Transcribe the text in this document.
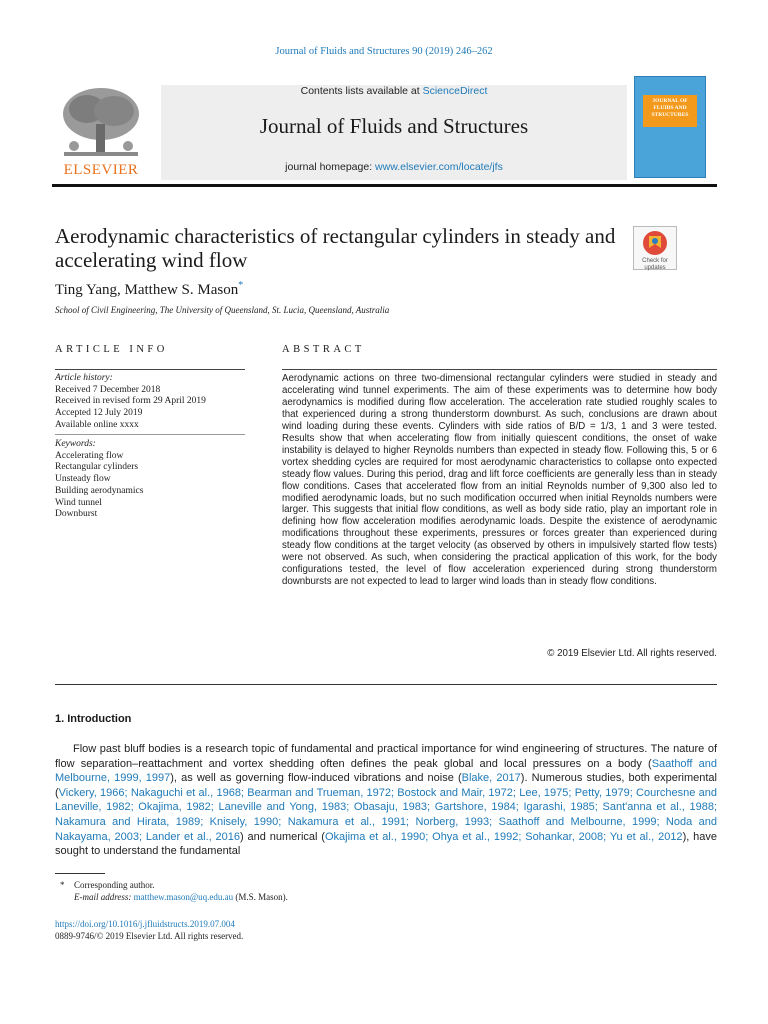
Journal of Fluids and Structures 90 (2019) 246–262
Contents lists available at ScienceDirect
Journal of Fluids and Structures
journal homepage: www.elsevier.com/locate/jfs
ELSEVIER
JOURNAL OF FLUIDS AND STRUCTURES
Aerodynamic characteristics of rectangular cylinders in steady and accelerating wind flow	Check for updates
Ting Yang, Matthew S. Mason*
School of Civil Engineering, The University of Queensland, St. Lucia, Queensland, Australia
ARTICLE INFO	ABSTRACT
Article history:
Received 7 December 2018
Received in revised form 29 April 2019
Accepted 12 July 2019
Available online xxxx
Keywords:
Accelerating flow
Rectangular cylinders
Unsteady flow
Building aerodynamics
Wind tunnel
Downburst
Aerodynamic actions on three two-dimensional rectangular cylinders were studied in steady and accelerating wind tunnel experiments. The aim of these experiments was to determine how body aerodynamics is modified during flow acceleration. The acceleration rate studied roughly scales to that experienced during a strong thunderstorm downburst. As such, conclusions are drawn about wind loading during these events. Cylinders with side ratios of B/D = 1/3, 1 and 3 were tested. Results show that when accelerating flow from initially quiescent conditions, the onset of wake instability is delayed to higher Reynolds numbers than expected in steady flow. Following this, 5 or 6 vortex shedding cycles are required for most aerodynamic characteristics to collapse onto expected steady flow values. During this period, drag and lift force coefficients are generally less than in steady flow conditions. Cases that accelerated flow from an initial Reynolds number of 9,300 also led to modified aerodynamic loads, but no such modification occurred when initial Reynolds numbers were larger. This suggests that initial flow conditions, as well as body side ratio, play an important role in defining how flow acceleration modifies aerodynamic loads. Despite the existence of aerodynamic modifications throughout these experiments, pressures or forces greater than experienced during steady flow conditions at the target velocity (as observed by others in impulsively started flow tests) were not observed. As such, when considering the practical application of this work, for the body configurations tested, the level of flow acceleration experienced during strong thunderstorm downbursts are not expected to lead to larger wind loads than in steady flow conditions.
© 2019 Elsevier Ltd. All rights reserved.
1. Introduction
Flow past bluff bodies is a research topic of fundamental and practical importance for wind engineering of structures. The nature of flow separation–reattachment and vortex shedding often defines the peak global and local pressures on a body (Saathoff and Melbourne, 1999, 1997), as well as governing flow-induced vibrations and noise (Blake, 2017). Numerous studies, both experimental (Vickery, 1966; Nakaguchi et al., 1968; Bearman and Trueman, 1972; Bostock and Mair, 1972; Lee, 1975; Petty, 1979; Courchesne and Laneville, 1982; Okajima, 1982; Laneville and Yong, 1983; Obasaju, 1983; Gartshore, 1984; Igarashi, 1985; Sant'anna et al., 1988; Nakamura and Hirata, 1989; Knisely, 1990; Nakamura et al., 1991; Norberg, 1993; Saathoff and Melbourne, 1999; Noda and Nakayama, 2003; Lander et al., 2016) and numerical (Okajima et al., 1990; Ohya et al., 1992; Sohankar, 2008; Yu et al., 2012), have sought to understand the fundamental
* Corresponding author.
E-mail address: matthew.mason@uq.edu.au (M.S. Mason).
https://doi.org/10.1016/j.jfluidstructs.2019.07.004
0889-9746/© 2019 Elsevier Ltd. All rights reserved.
